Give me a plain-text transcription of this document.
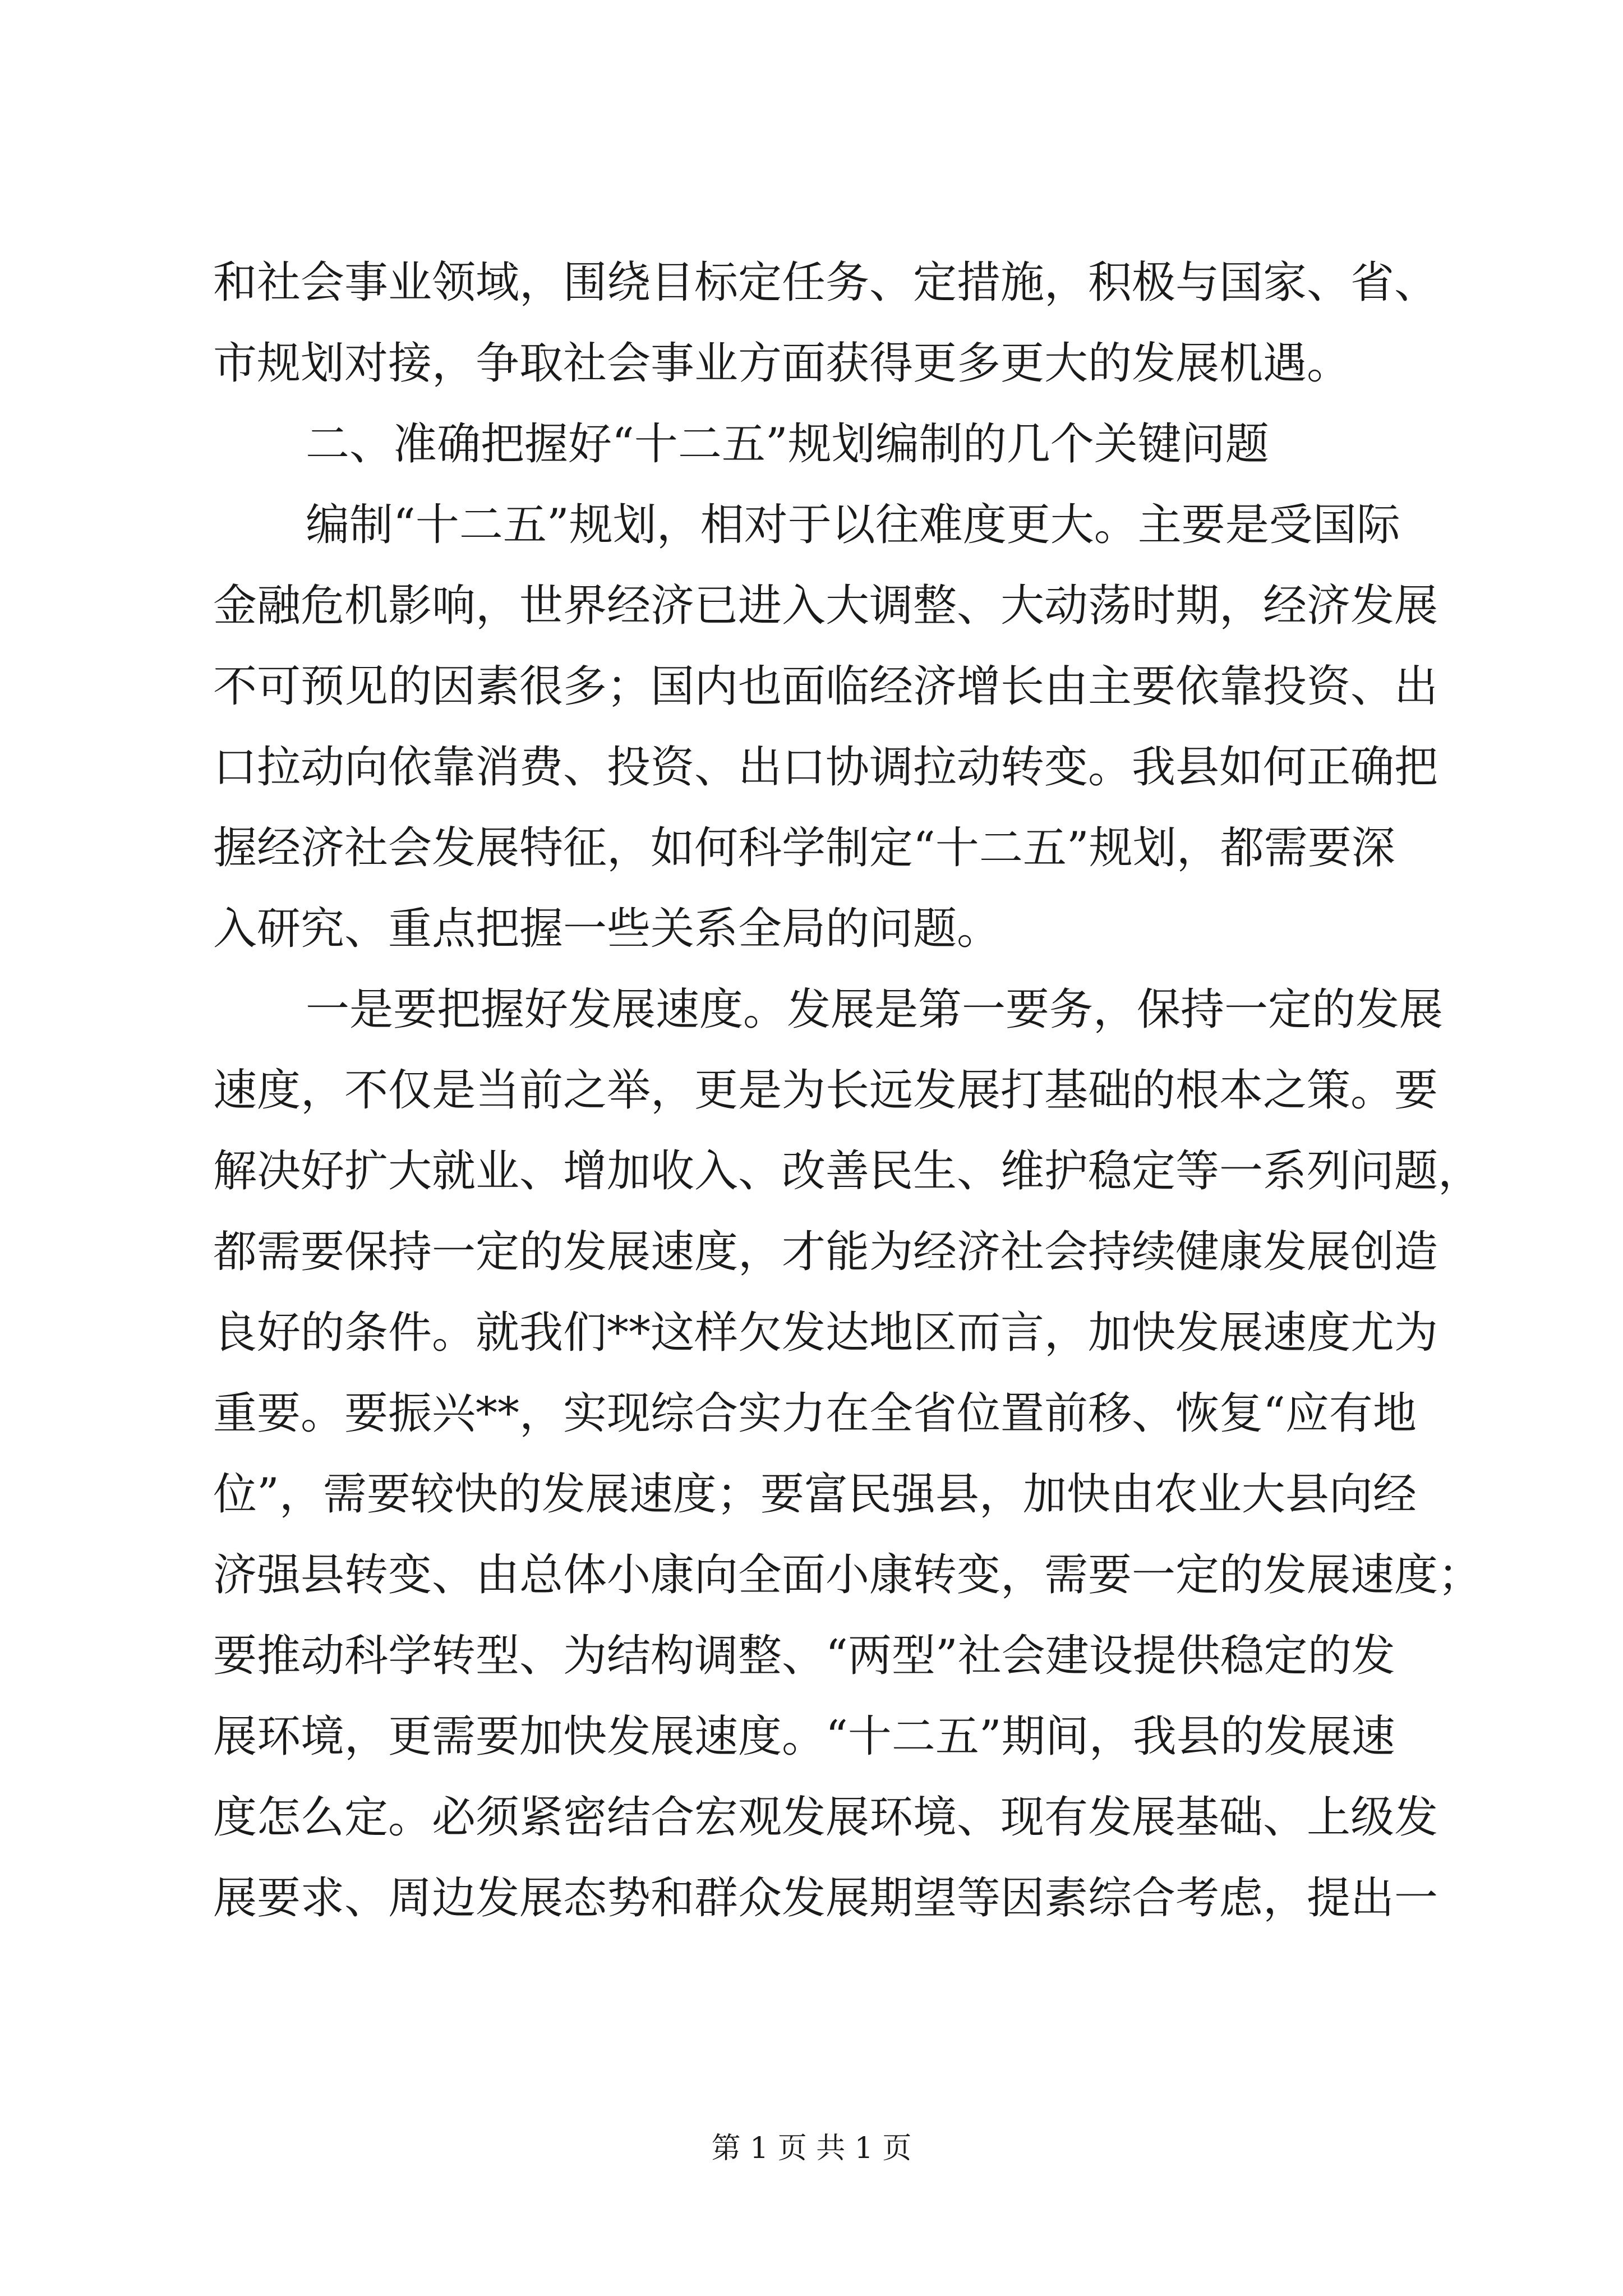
和社会事业领域，围绕目标定任务、定措施，积极与国家、省、
市规划对接，争取社会事业方面获得更多更大的发展机遇。
二、准确把握好“十二五”规划编制的几个关键问题
编制“十二五”规划，相对于以往难度更大。主要是受国际
金融危机影响，世界经济已进入大调整、大动荡时期，经济发展
不可预见的因素很多；国内也面临经济增长由主要依靠投资、出
口拉动向依靠消费、投资、出口协调拉动转变。我县如何正确把
握经济社会发展特征，如何科学制定“十二五”规划，都需要深
入研究、重点把握一些关系全局的问题。
一是要把握好发展速度。发展是第一要务，保持一定的发展
速度，不仅是当前之举，更是为长远发展打基础的根本之策。要
解决好扩大就业、增加收入、改善民生、维护稳定等一系列问题，
都需要保持一定的发展速度，才能为经济社会持续健康发展创造
良好的条件。就我们**这样欠发达地区而言，加快发展速度尤为
重要。要振兴**，实现综合实力在全省位置前移、恢复“应有地
位”，需要较快的发展速度；要富民强县，加快由农业大县向经
济强县转变、由总体小康向全面小康转变，需要一定的发展速度；
要推动科学转型、为结构调整、“两型”社会建设提供稳定的发
展环境，更需要加快发展速度。“十二五”期间，我县的发展速
度怎么定。必须紧密结合宏观发展环境、现有发展基础、上级发
展要求、周边发展态势和群众发展期望等因素综合考虑，提出一
第 1 页 共 1 页
